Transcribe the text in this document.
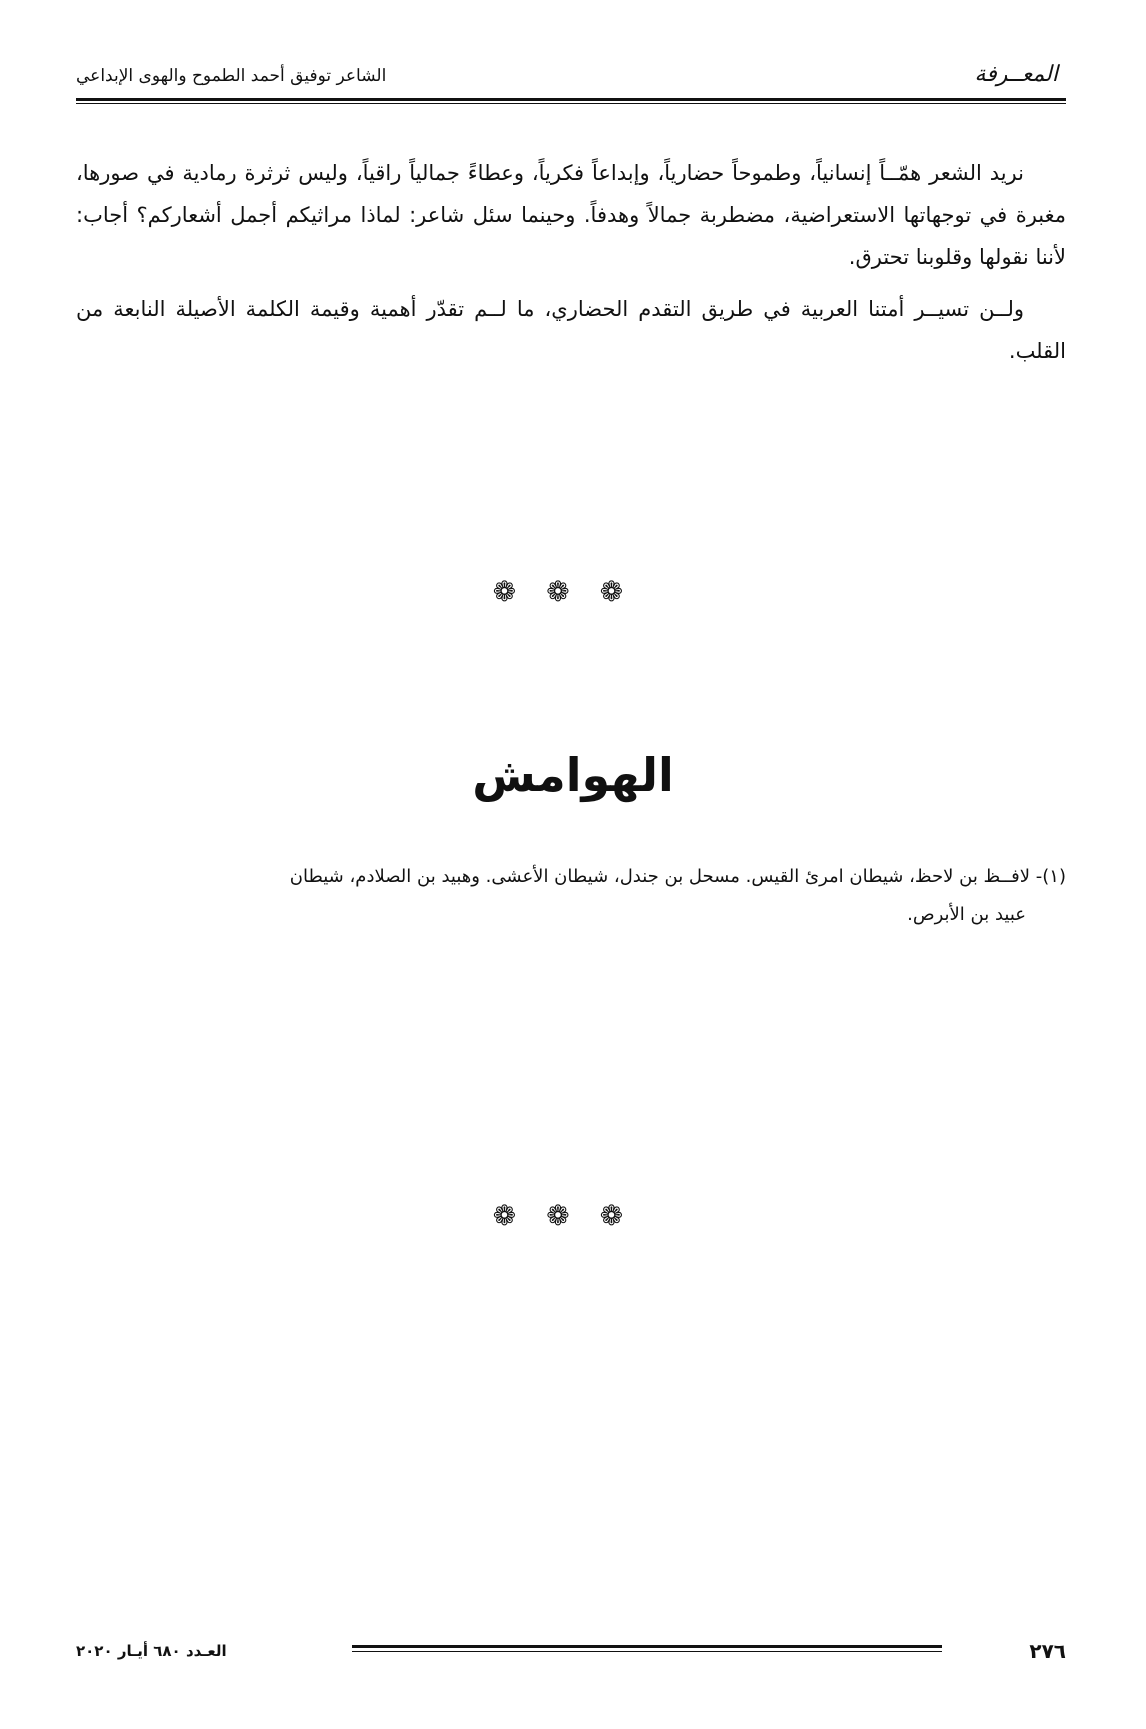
المعــرفة
الشاعر توفيق أحمد الطموح والهوى الإبداعي

نريد الشعر همّــاً إنسانياً، وطموحاً حضارياً، وإبداعاً فكرياً، وعطاءً جمالياً راقياً، وليس ثرثرة رمادية في صورها، مغبرة في توجهاتها الاستعراضية، مضطربة جمالاً وهدفاً. وحينما سئل شاعر: لماذا مراثيكم أجمل أشعاركم؟ أجاب: لأننا نقولها وقلوبنا تحترق.

ولــن تسيــر أمتنا العربية في طريق التقدم الحضاري، ما لــم تقدّر أهمية وقيمة الكلمة الأصيلة النابعة من القلب.

❁❁❁
الهوامش
(١)- لافــظ بن لاحظ، شيطان امرئ القيس. مسحل بن جندل، شيطان الأعشى. وهبيد بن الصلادم، شيطان
عبيد بن الأبرص.
❁❁❁
٢٧٦
العـدد ٦٨٠ أيـار ٢٠٢٠
